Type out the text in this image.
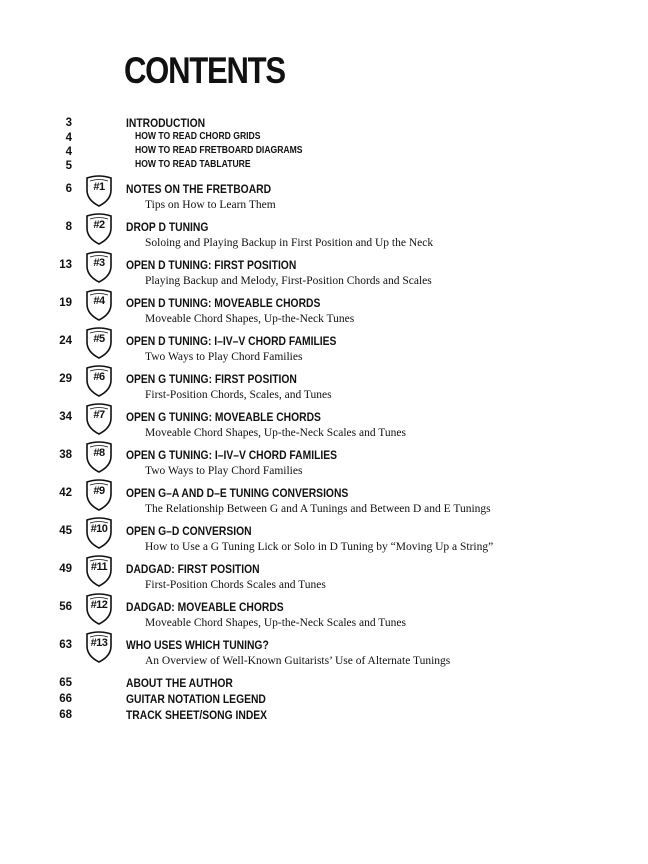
CONTENTS
3	INTRODUCTION
4	HOW TO READ CHORD GRIDS
4	HOW TO READ FRETBOARD DIAGRAMS
5	HOW TO READ TABLATURE
6	#1	NOTES ON THE FRETBOARD
Tips on How to Learn Them
8	#2	DROP D TUNING
Soloing and Playing Backup in First Position and Up the Neck
13	#3	OPEN D TUNING: FIRST POSITION
Playing Backup and Melody, First-Position Chords and Scales
19	#4	OPEN D TUNING: MOVEABLE CHORDS
Moveable Chord Shapes, Up-the-Neck Tunes
24	#5	OPEN D TUNING: I–IV–V CHORD FAMILIES
Two Ways to Play Chord Families
29	#6	OPEN G TUNING: FIRST POSITION
First-Position Chords, Scales, and Tunes
34	#7	OPEN G TUNING: MOVEABLE CHORDS
Moveable Chord Shapes, Up-the-Neck Scales and Tunes
38	#8	OPEN G TUNING: I–IV–V CHORD FAMILIES
Two Ways to Play Chord Families
42	#9	OPEN G–A AND D–E TUNING CONVERSIONS
The Relationship Between G and A Tunings and Between D and E Tunings
45	#10	OPEN G–D CONVERSION
How to Use a G Tuning Lick or Solo in D Tuning by “Moving Up a String”
49	#11	DADGAD: FIRST POSITION
First-Position Chords Scales and Tunes
56	#12	DADGAD: MOVEABLE CHORDS
Moveable Chord Shapes, Up-the-Neck Scales and Tunes
63	#13	WHO USES WHICH TUNING?
An Overview of Well-Known Guitarists’ Use of Alternate Tunings
65	ABOUT THE AUTHOR
66	GUITAR NOTATION LEGEND
68	TRACK SHEET/SONG INDEX
